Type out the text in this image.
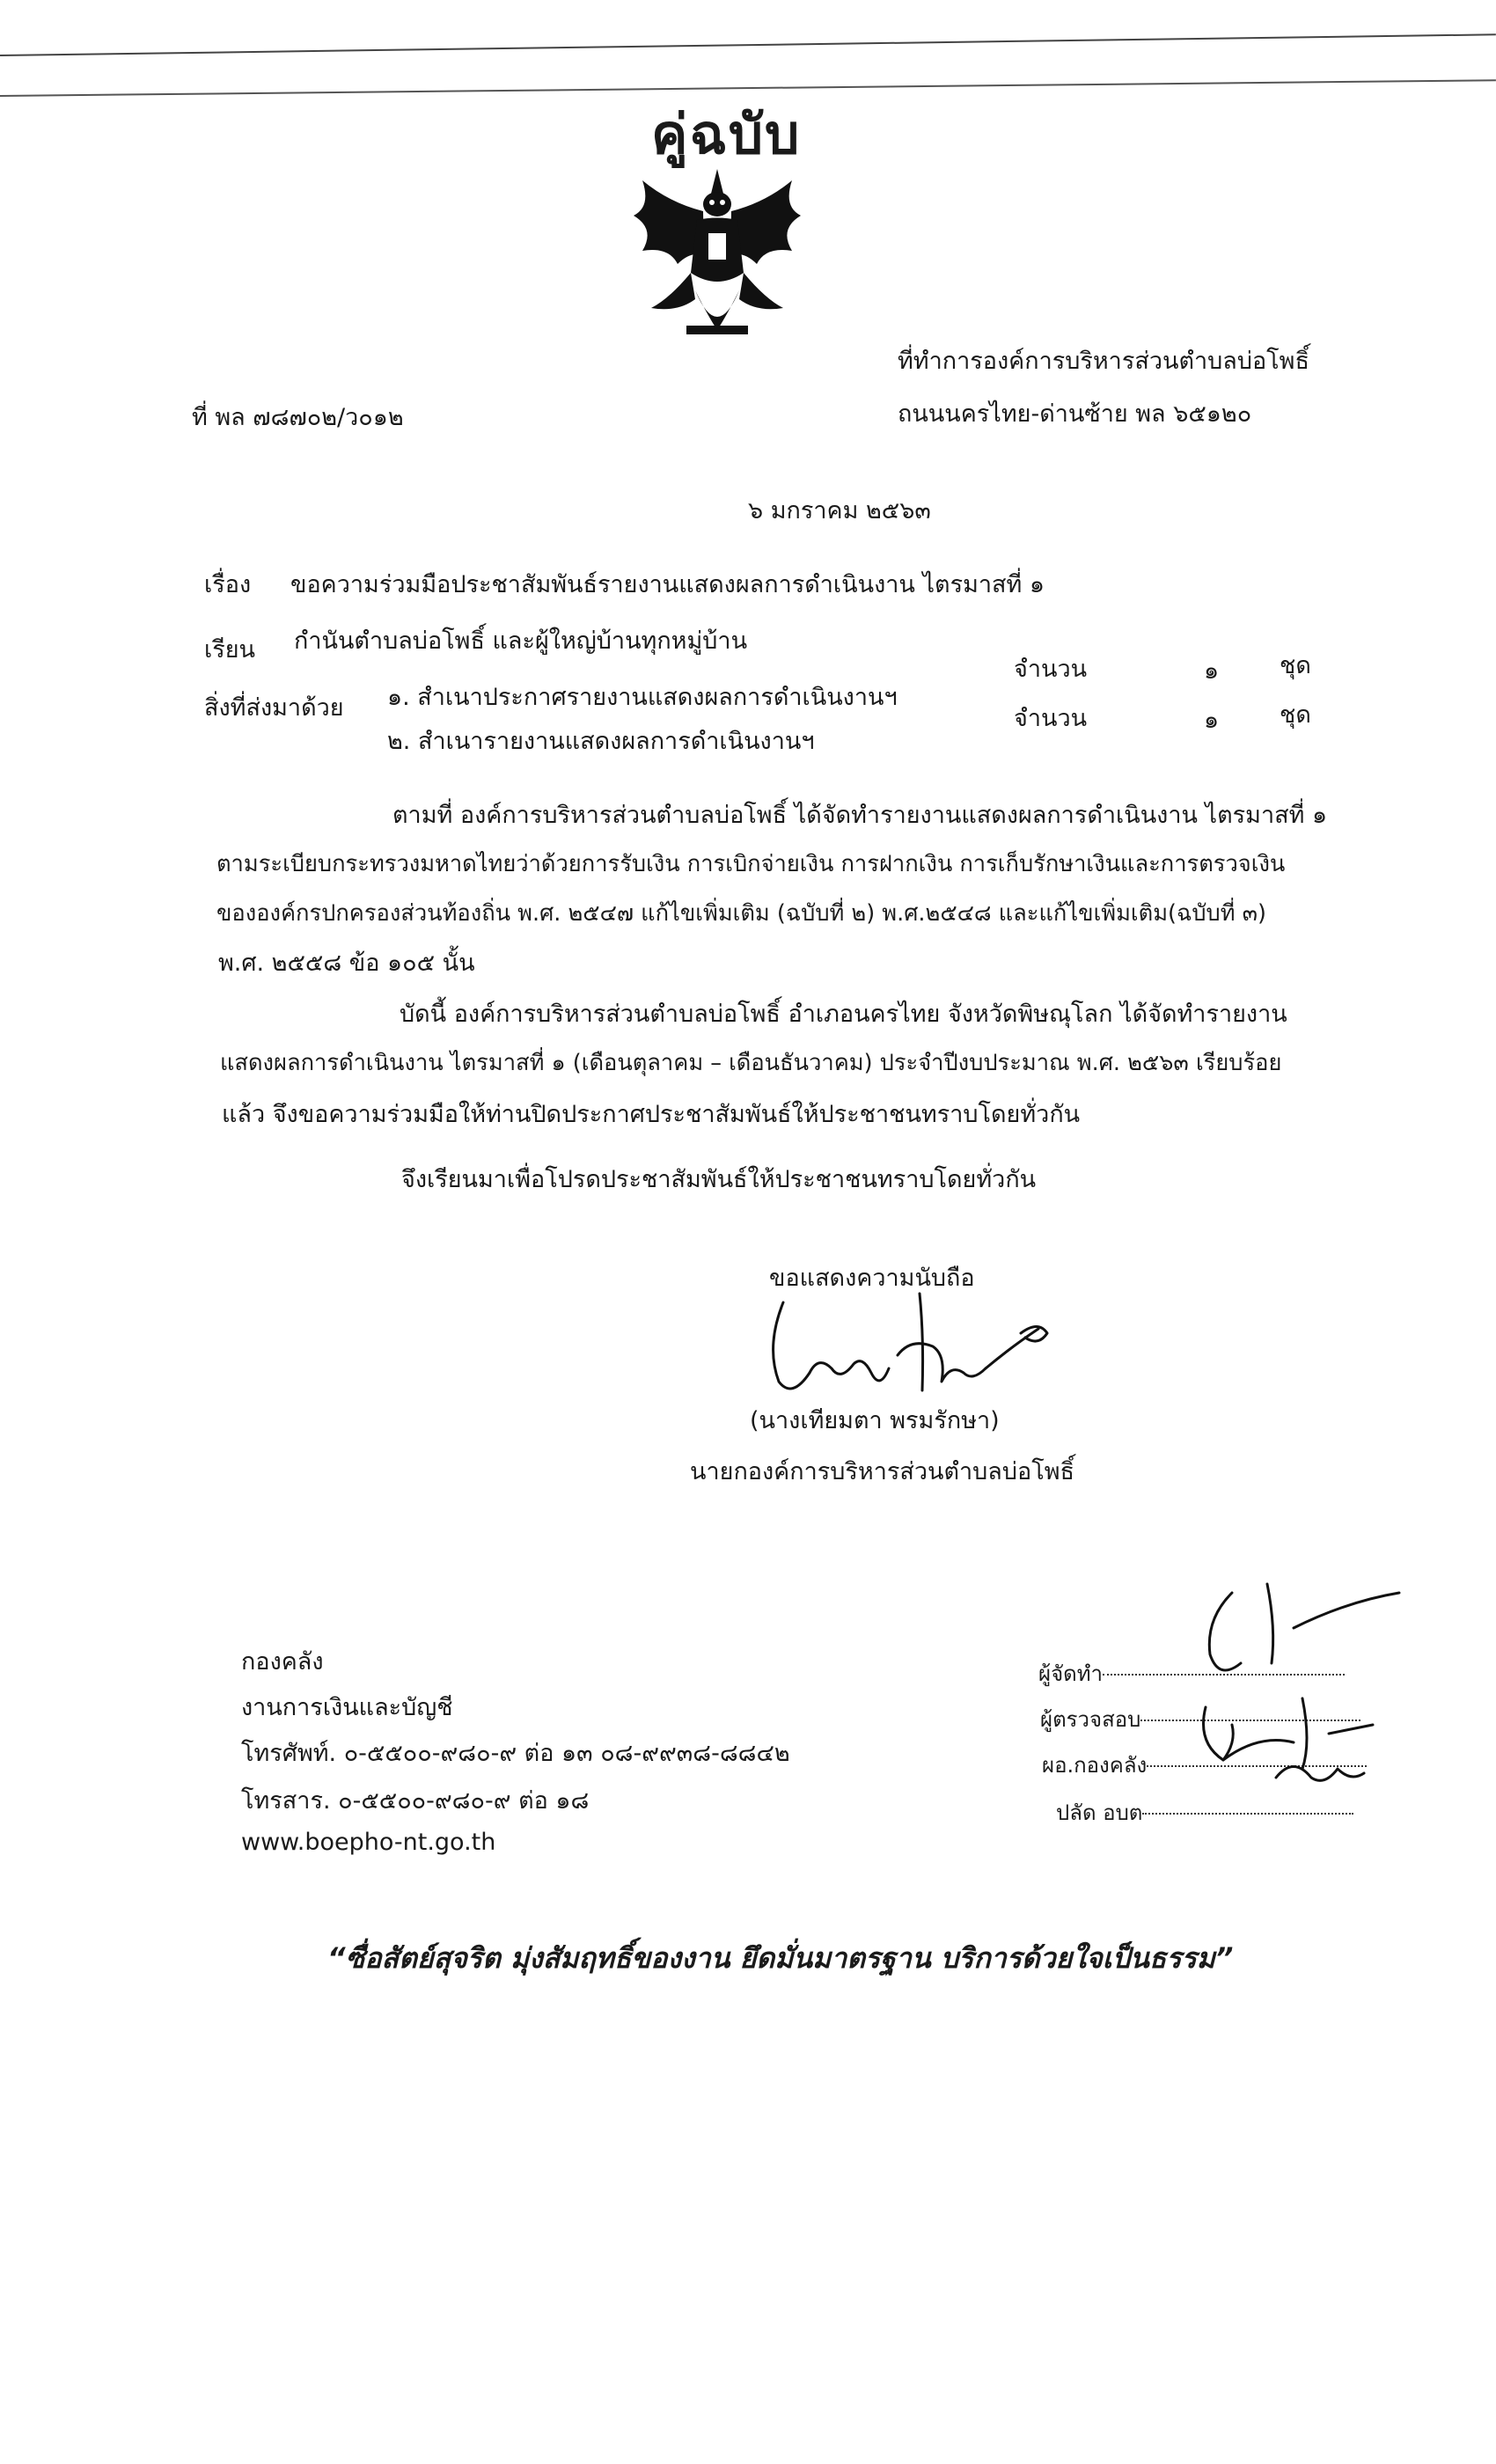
คู่ฉบับ
ที่ พล ๗๘๗๐๒/ว๐๑๒
ที่ทำการองค์การบริหารส่วนตำบลบ่อโพธิ์
ถนนนครไทย-ด่านซ้าย พล ๖๕๑๒๐
๖ มกราคม ๒๕๖๓
เรื่อง ขอความร่วมมือประชาสัมพันธ์รายงานแสดงผลการดำเนินงาน ไตรมาสที่ ๑
เรียน กำนันตำบลบ่อโพธิ์ และผู้ใหญ่บ้านทุกหมู่บ้าน
สิ่งที่ส่งมาด้วย ๑. สำเนาประกาศรายงานแสดงผลการดำเนินงานฯ
จำนวน	๑	ชุด
๒. สำเนารายงานแสดงผลการดำเนินงานฯ
จำนวน	๑	ชุด
ตามที่ องค์การบริหารส่วนตำบลบ่อโพธิ์ ได้จัดทำรายงานแสดงผลการดำเนินงาน ไตรมาสที่ ๑
ตามระเบียบกระทรวงมหาดไทยว่าด้วยการรับเงิน การเบิกจ่ายเงิน การฝากเงิน การเก็บรักษาเงินและการตรวจเงิน
ขององค์กรปกครองส่วนท้องถิ่น พ.ศ. ๒๕๔๗ แก้ไขเพิ่มเติม (ฉบับที่ ๒) พ.ศ.๒๕๔๘ และแก้ไขเพิ่มเติม(ฉบับที่ ๓)
พ.ศ. ๒๕๕๘ ข้อ ๑๐๕ นั้น
บัดนี้ องค์การบริหารส่วนตำบลบ่อโพธิ์ อำเภอนครไทย จังหวัดพิษณุโลก ได้จัดทำรายงาน
แสดงผลการดำเนินงาน ไตรมาสที่ ๑ (เดือนตุลาคม – เดือนธันวาคม) ประจำปีงบประมาณ พ.ศ. ๒๕๖๓ เรียบร้อย
แล้ว จึงขอความร่วมมือให้ท่านปิดประกาศประชาสัมพันธ์ให้ประชาชนทราบโดยทั่วกัน
จึงเรียนมาเพื่อโปรดประชาสัมพันธ์ให้ประชาชนทราบโดยทั่วกัน
ขอแสดงความนับถือ
(นางเทียมตา พรมรักษา)
นายกองค์การบริหารส่วนตำบลบ่อโพธิ์
กองคลัง
งานการเงินและบัญชี
โทรศัพท์. ๐-๕๕๐๐-๙๘๐-๙ ต่อ ๑๓ ๐๘-๙๙๓๘-๘๘๔๒
โทรสาร. ๐-๕๕๐๐-๙๘๐-๙ ต่อ ๑๘
www.boepho-nt.go.th
ผู้จัดทำ
ผู้ตรวจสอบ
ผอ.กองคลัง
ปลัด อบต
“ซื่อสัตย์สุจริต มุ่งสัมฤทธิ์ของงาน ยึดมั่นมาตรฐาน บริการด้วยใจเป็นธรรม”
